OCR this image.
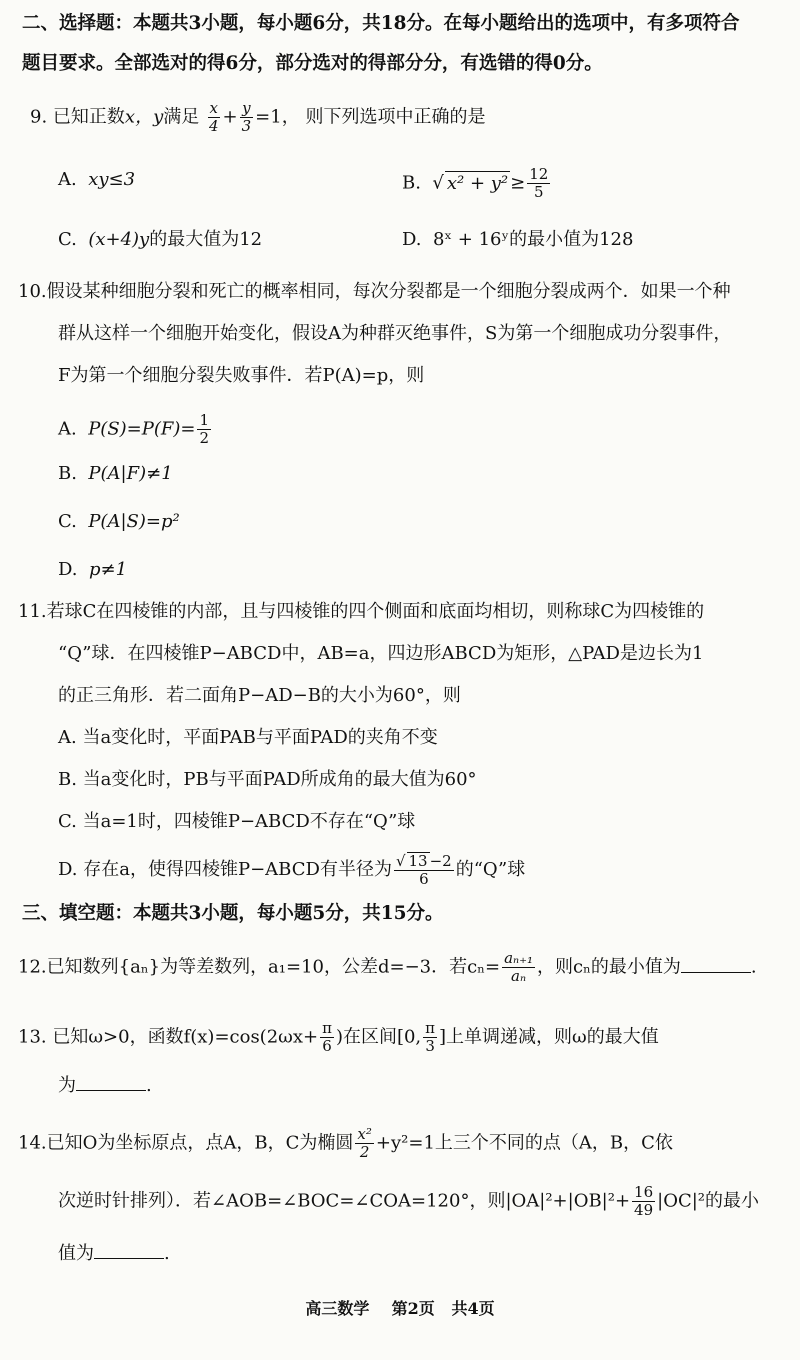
二、选择题：本题共3小题，每小题6分，共18分。在每小题给出的选项中，有多项符合
题目要求。全部选对的得6分，部分选对的得部分分，有选错的得0分。
9. 已知正数x，y满足 $\frac{x}{4} + \frac{y}{3} =1$， 则下列选项中正确的是
A. xy≤3	B.  √ $x^2 + y^2 \ge \frac{12}{5}$
C. (x+4)y的最大值为12	D. 8ˣ + 16ʸ的最小值为128
10.假设某种细胞分裂和死亡的概率相同，每次分裂都是一个细胞分裂成两个．如果一个种
群从这样一个细胞开始变化，假设A为种群灭绝事件，S为第一个细胞成功分裂事件，
F为第一个细胞分裂失败事件．若P(A)=p，则
A. $P(S)=P(F)= \frac{1}{2}$
B. P(A|F)≠1
C. P(A|S)=p²
D. p≠1
11.若球C在四棱锥的内部，且与四棱锥的四个侧面和底面均相切，则称球C为四棱锥的
“Q”球．在四棱锥P−ABCD中，AB=a，四边形ABCD为矩形，△PAD是边长为1
的正三角形．若二面角P−AD−B的大小为60°，则
A. 当a变化时，平面PAB与平面PAD的夹角不变
B. 当a变化时，PB与平面PAD所成角的最大值为60°
C. 当a=1时，四棱锥P−ABCD不存在“Q”球
D. 存在a，使得四棱锥P−ABCD有半径为 $\frac{√ 13 -2}{6}$ 的“Q”球
三、填空题：本题共3小题，每小题5分，共15分。
12.已知数列{aₙ}为等差数列，a₁=10，公差d=−3．若$c_n= \frac{\text{aₙ₊₁}}{\text{aₙ}}$ ，则cₙ的最小值为	.
13. 已知ω>0，函数$f(x)=\cos(2\omega x+ \frac{\pi}{6}$ )在区间[0, $\frac{\pi}{3}$ ]上单调递减，则ω的最大值
为	.
14.已知O为坐标原点，点A，B，C为椭圆 $\frac{\text{x²}}{2} +y^2=1$上三个不同的点（A，B，C依
次逆时针排列）．若∠AOB=∠BOC=∠COA=120°，则$|OA|^2+|OB|^2+ \frac{16}{49} |OC|^2$的最小
值为	.
高三数学 第2页 共4页
